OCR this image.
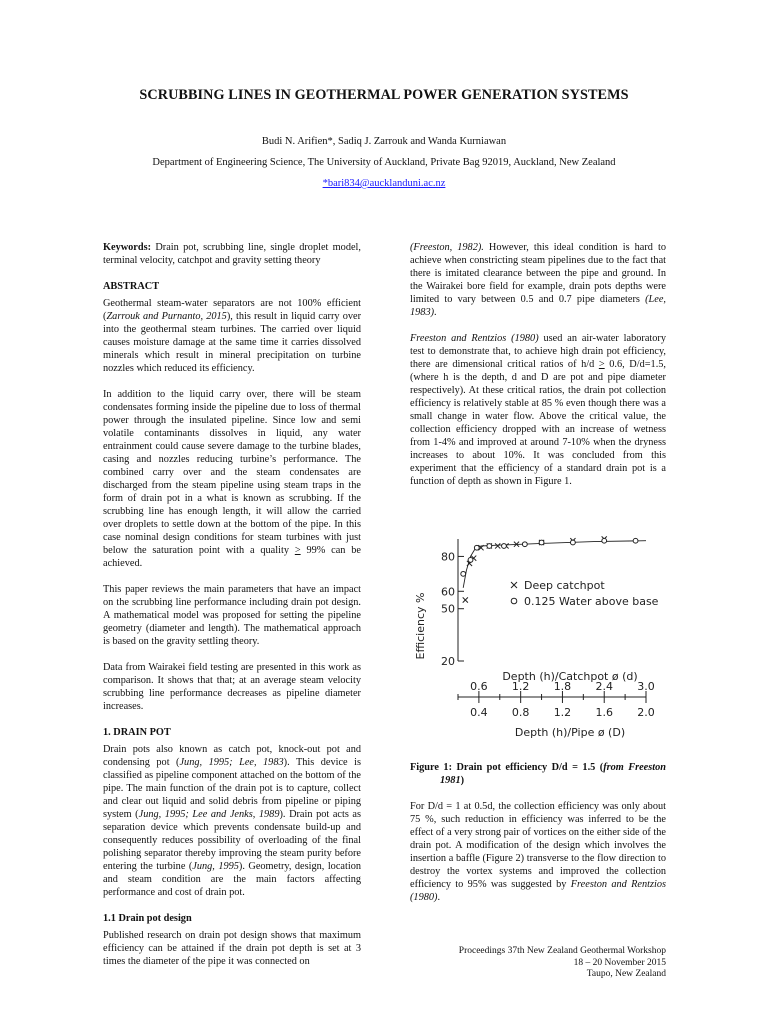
SCRUBBING LINES IN GEOTHERMAL POWER GENERATION SYSTEMS
Budi N. Arifien*, Sadiq J. Zarrouk and Wanda Kurniawan
Department of Engineering Science, The University of Auckland, Private Bag 92019, Auckland, New Zealand
*bari834@aucklanduni.ac.nz

Keywords: Drain pot, scrubbing line, single droplet model, terminal velocity, catchpot and gravity setting theory

ABSTRACT

Geothermal steam-water separators are not 100% efficient (Zarrouk and Purnanto, 2015), this result in liquid carry over into the geothermal steam turbines. The carried over liquid causes moisture damage at the same time it carries dissolved minerals which result in mineral precipitation on turbine nozzles which reduced its efficiency.

In addition to the liquid carry over, there will be steam condensates forming inside the pipeline due to loss of thermal power through the insulated pipeline. Since low and semi volatile contaminants dissolves in liquid, any water entrainment could cause severe damage to the turbine blades, casing and nozzles reducing turbine’s performance. The combined carry over and the steam condensates are discharged from the steam pipeline using steam traps in the form of drain pot in a what is known as scrubbing. If the scrubbing line has enough length, it will allow the carried over droplets to settle down at the bottom of the pipe. In this case nominal design conditions for steam turbines with just below the saturation point with a quality ≥ 99% can be achieved.

This paper reviews the main parameters that have an impact on the scrubbing line performance including drain pot design. A mathematical model was proposed for setting the pipeline geometry (diameter and length). The mathematical approach is based on the gravity settling theory.

Data from Wairakei field testing are presented in this work as comparison. It shows that that; at an average steam velocity scrubbing line performance decreases as pipeline diameter increases.

1. DRAIN POT

Drain pots also known as catch pot, knock-out pot and condensing pot (Jung, 1995; Lee, 1983). This device is classified as pipeline component attached on the bottom of the pipe. The main function of the drain pot is to capture, collect and clear out liquid and solid debris from pipeline or piping system (Jung, 1995; Lee and Jenks, 1989). Drain pot acts as separation device which prevents condensate build-up and consequently reduces possibility of overloading of the final polishing separator thereby improving the steam purity before entering the turbine (Jung, 1995). Geometry, design, location and steam condition are the main factors affecting performance and cost of drain pot.

1.1 Drain pot design

Published research on drain pot design shows that maximum efficiency can be attained if the drain pot depth is set at 3 times the diameter of the pipe it was connected on

(Freeston, 1982). However, this ideal condition is hard to achieve when constricting steam pipelines due to the fact that there is imitated clearance between the pipe and ground. In the Wairakei bore field for example, drain pots depths were limited to vary between 0.5 and 0.7 pipe diameters (Lee, 1983).

Freeston and Rentzios (1980) used an air-water laboratory test to demonstrate that, to achieve high drain pot efficiency, there are dimensional critical ratios of h/d ≥ 0.6, D/d=1.5, (where h is the depth, d and D are pot and pipe diameter respectively). At these critical ratios, the drain pot collection efficiency is relatively stable at 85 % even though there was a small change in water flow. Above the critical value, the collection efficiency dropped with an increase of wetness from 1-4% and improved at around 7-10% when the dryness increases to about 10%. It was concluded from this experiment that the efficiency of a standard drain pot is a function of depth as shown in Figure 1.

Efficiency %
20
50
60
80
Deep catchpot
0.125 Water above base
Depth (h)/Catchpot ø (d)
0.6
0.4
1.2
0.8
1.8
1.2
2.4
1.6
3.0
2.0
Depth (h)/Pipe ø (D)

Figure 1: Drain pot efficiency D/d = 1.5 (from Freeston 1981)

For D/d = 1 at 0.5d, the collection efficiency was only about 75 %, such reduction in efficiency was inferred to be the effect of a very strong pair of vortices on the either side of the drain pot. A modification of the design which involves the insertion a baffle (Figure 2) transverse to the flow direction to destroy the vortex systems and improved the collection efficiency to 95% was suggested by Freeston and Rentzios (1980).

Proceedings 37th New Zealand Geothermal Workshop
18 – 20 November 2015
Taupo, New Zealand
